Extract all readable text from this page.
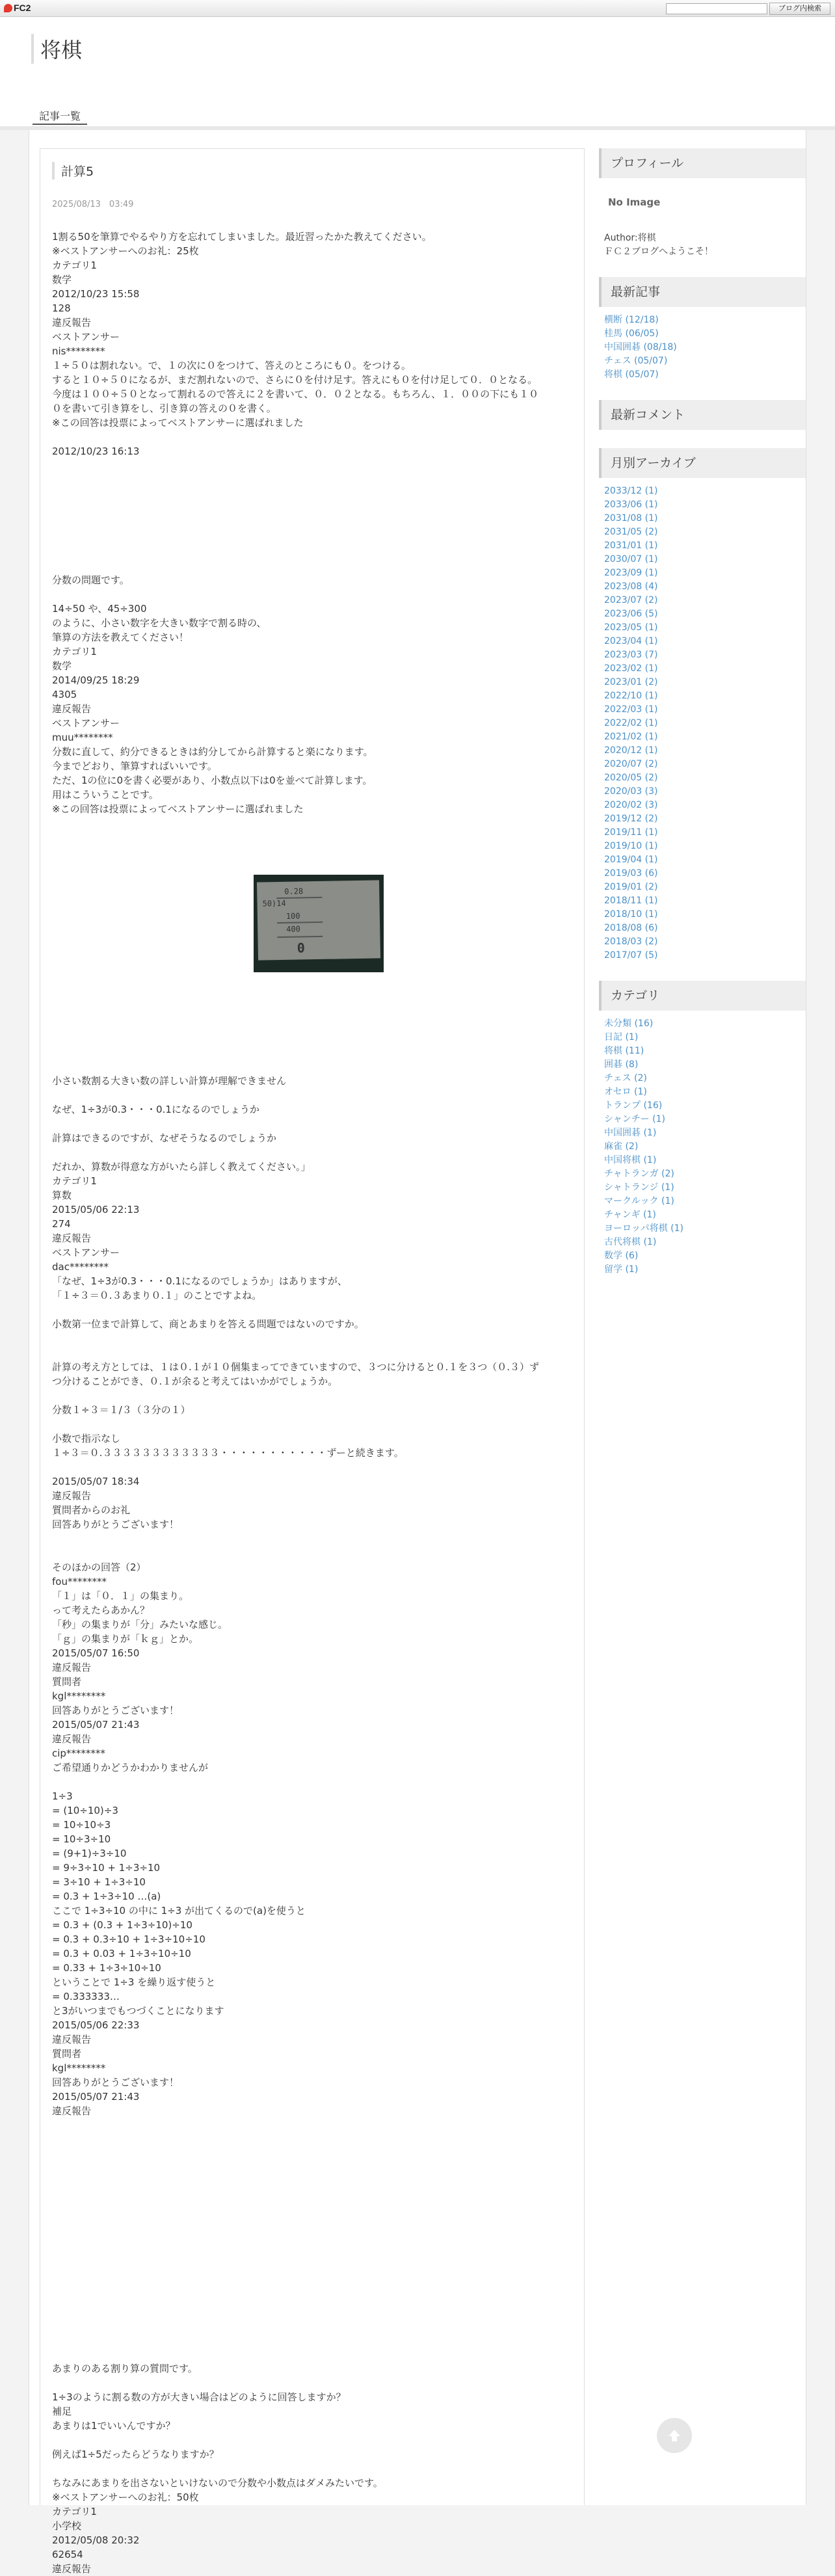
FC2	ブログ内検索
将棋
記事一覧
計算5
2025/08/13　03:49
1割る50を筆算でやるやり方を忘れてしまいました。最近習ったかた教えてください。
※ベストアンサーへのお礼：25枚
カテゴリ1
数学
2012/10/23 15:58
128
違反報告
ベストアンサー
nis********
１÷５０は割れない。で、１の次に０をつけて、答えのところにも０。をつける。
すると１０÷５０になるが、まだ割れないので、さらに０を付け足す。答えにも０を付け足して０．０となる。
今度は１００÷５０となって割れるので答えに２を書いて、０．０２となる。もちろん、１．００の下にも１０
０を書いて引き算をし、引き算の答えの０を書く。
※この回答は投票によってベストアンサーに選ばれました

2012/10/23 16:13

分数の問題です。

14÷50 や、45÷300
のように、小さい数字を大きい数字で割る時の、
筆算の方法を教えてください！
カテゴリ1
数学
2014/09/25 18:29
4305
違反報告
ベストアンサー
muu********
分数に直して、約分できるときは約分してから計算すると楽になります。
今までどおり、筆算すればいいです。
ただ、1の位に0を書く必要があり、小数点以下は0を並べて計算します。
用はこういうことです。
※この回答は投票によってベストアンサーに選ばれました

小さい数割る大きい数の詳しい計算が理解できません

なぜ、1÷3が0.3・・・0.1になるのでしょうか

計算はできるのですが、なぜそうなるのでしょうか

だれか、算数が得意な方がいたら詳しく教えてください。」
カテゴリ1
算数
2015/05/06 22:13
274
違反報告
ベストアンサー
dac********
「なぜ、1÷3が0.3・・・0.1になるのでしょうか」はありますが、
「１÷３＝０.３あまり０.１」のことですよね。

小数第一位まで計算して、商とあまりを答える問題ではないのですか。

計算の考え方としては、１は０.１が１０個集まってできていますので、３つに分けると０.１を３つ（０.３）ず
つ分けることができ、０.１が余ると考えてはいかがでしょうか。

分数１÷３＝１/３（３分の１）

小数で指示なし
１÷３＝０.３３３３３３３３３３３３・・・・・・・・・・・ずーと続きます。

2015/05/07 18:34
違反報告
質問者からのお礼
回答ありがとうございます！

そのほかの回答（2）
fou********
「１」は「０．１」の集まり。
って考えたらあかん？
「秒」の集まりが「分」みたいな感じ。
「ｇ」の集まりが「ｋｇ」とか。
2015/05/07 16:50
違反報告
質問者
kgl********
回答ありがとうございます！
2015/05/07 21:43
違反報告
cip********
ご希望通りかどうかわかりませんが

1÷3
= (10÷10)÷3
= 10÷10÷3
= 10÷3÷10
= (9+1)÷3÷10
= 9÷3÷10 + 1÷3÷10
= 3÷10 + 1÷3÷10
= 0.3 + 1÷3÷10 …(a)
ここで 1÷3÷10 の中に 1÷3 が出てくるので(a)を使うと
= 0.3 + (0.3 + 1÷3÷10)÷10
= 0.3 + 0.3÷10 + 1÷3÷10÷10
= 0.3 + 0.03 + 1÷3÷10÷10
= 0.33 + 1÷3÷10÷10
ということで 1÷3 を繰り返す使うと
= 0.333333…
と3がいつまでもつづくことになります
2015/05/06 22:33
違反報告
質問者
kgl********
回答ありがとうございます！
2015/05/07 21:43
違反報告

あまりのある割り算の質問です。

1÷3のように割る数の方が大きい場合はどのように回答しますか？
補足
あまりは1でいいんですか？

例えば1÷5だったらどうなりますか？

ちなみにあまりを出さないといけないので分数や小数点はダメみたいです。
※ベストアンサーへのお礼：50枚
カテゴリ1
小学校
2012/05/08 20:32
62654
違反報告
0.28
50)14
100
400
0
プロフィール
No Image
Author:将棋
ＦＣ２ブログへようこそ！
最新記事
横断 (12/18)
桂馬 (06/05)
中国囲碁 (08/18)
チェス (05/07)
将棋 (05/07)
最新コメント
月別アーカイブ
2033/12 (1)
2033/06 (1)
2031/08 (1)
2031/05 (2)
2031/01 (1)
2030/07 (1)
2023/09 (1)
2023/08 (4)
2023/07 (2)
2023/06 (5)
2023/05 (1)
2023/04 (1)
2023/03 (7)
2023/02 (1)
2023/01 (2)
2022/10 (1)
2022/03 (1)
2022/02 (1)
2021/02 (1)
2020/12 (1)
2020/07 (2)
2020/05 (2)
2020/03 (3)
2020/02 (3)
2019/12 (2)
2019/11 (1)
2019/10 (1)
2019/04 (1)
2019/03 (6)
2019/01 (2)
2018/11 (1)
2018/10 (1)
2018/08 (6)
2018/03 (2)
2017/07 (5)
カテゴリ
未分類 (16)
日記 (1)
将棋 (11)
囲碁 (8)
チェス (2)
オセロ (1)
トランプ (16)
シャンチー (1)
中国囲碁 (1)
麻雀 (2)
中国将棋 (1)
チャトランガ (2)
シャトランジ (1)
マークルック (1)
チャンギ (1)
ヨーロッパ将棋 (1)
古代将棋 (1)
数学 (6)
留学 (1)
